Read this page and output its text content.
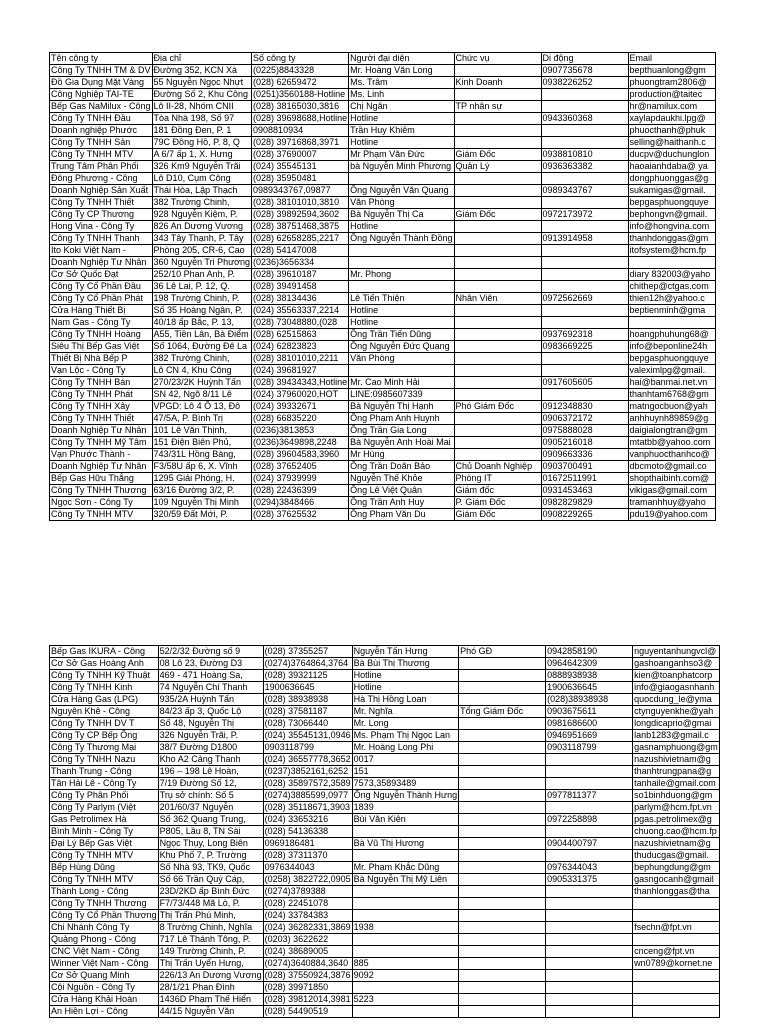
Tên công ty	Địa chỉ	Số công ty	Người đại diện	Chức vụ	Di động	Email
Công Ty TNHH TM & DV	Đường 352, KCN Xà	(0225)8843328	Mr. Hoàng Văn Long		0907735678	bepthuanlong@gm
Đồ Gia Dụng Mặt Vàng	55 Nguyễn Ngọc Nhựt	(028) 62659472	Ms. Trâm	Kinh Doanh	0938226252	phuongtram2806@
Công Nghiệp TAI-TE	Đường Số 2, Khu Công	(0251)3560188-Hotline	Ms. Linh			production@taitec
Bếp Gas NaMilux - Công	Lô II-28, Nhóm CNII	(028) 38165030,3816	Chị Ngân	TP nhân sự		hr@namilux.com
Công Ty TNHH Đầu	Tòa Nhà 198, Số 97	(028) 39698688,Hotline	Hotline		0943360368	xaylapdaukhi.lpg@
Doanh nghiệp Phước	181 Đồng Đen, P. 1	0908810934	Trần Huy Khiêm			phuocthanh@phuk
Công Ty TNHH Sản	79C Đồng Hồ, P. 8, Q	(028) 39716868,3971	Hotline			selling@haithanh.c
Công Ty TNHH MTV	A 6/7 ấp 1, X. Hưng	(028) 37690007	Mr Phạm Văn Đức	Giám Đốc	0938810810	ducpv@duchunglon
Trung Tâm Phân Phối	326 Km9 Nguyễn Trãi	(024) 35545131	bà Nguyễn Minh Phương	Quản Lý	0936363382	haoaianhdaba@ ya
Đông Phương - Công	Lô D10, Cụm Công	(028) 35950481				dongphuonggas@g
Doanh Nghiệp Sản Xuất	Thái Hòa, Lập Thạch	0989343767,09877	Ông Nguyễn Văn Quang		0989343767	sukamigas@gmail.
Công Ty TNHH Thiết	382 Trường Chinh,	(028) 38101010,3810	Văn Phòng			bepgasphuongquye
Công Ty CP Thương	928 Nguyễn Kiệm, P.	(028) 39892594,3602	Bà Nguyễn Thị Ca	Giám Đốc	0972173972	bephongvn@gmail.
Hong Vina - Công Ty	826 An Dương Vương	(028) 38751468,3875	Hotline			info@hongvina.com
Công Ty TNHH Thanh	343 Tây Thạnh, P. Tây	(028) 62658285,2217	Ông Nguyễn Thành Đồng		0913914958	thanhdonggas@gm
Ito Koki Việt Nam -	Phòng 205, CR-6, Cao	(028) 54147008				itofsystem@hcm.fp
Doanh Nghiệp Tư Nhân	360 Nguyễn Tri Phương	(0236)3656334				
Cơ Sở Quốc Đạt	252/10 Phan Anh, P.	(028) 39610187	Mr. Phong			diary 832003@yaho
Công Ty Cổ Phần Đầu	36 Lê Lai, P. 12, Q.	(028) 39491458				chithep@ctgas.com
Công Ty Cổ Phần Phát	198 Trường Chinh, P.	(028) 38134436	Lê Tiến Thiện	Nhân Viên	0972562669	thien12h@yahoo.c
Cửa Hàng Thiết Bị	Số 35 Hoàng Ngân, P.	(024) 35563337,2214	Hotline			beptienminh@gma
Nam Gas - Công Ty	40/18 ấp Bắc, P. 13,	(028) 73048880,(028	Hotline			
Công Ty TNHH Hoàng	A55, Tiền Lân, Bà Điểm	(028) 62515863	Ông Trần Tiến Dũng		0937692318	hoangphuhung68@
Siêu Thị Bếp Gas Việt	Số 1064, Đường Đê La	(024) 62823823	Ông Nguyễn Đức Quang		0983669225	info@beponline24h
Thiết Bị Nhà Bếp P	382 Trường Chinh,	(028) 38101010,2211	Văn Phòng			bepgasphuongquye
Vạn Lộc - Công Ty	Lô CN 4, Khu Công	(024) 39681927				valeximlpg@gmail.
Công Ty TNHH Bán	270/23/2K Huỳnh Tấn	(028) 39434343,Hotline	Mr. Cao Minh Hải		0917605605	hai@banmai.net.vn
Công Ty TNHH Phát	SN 42, Ngõ 8/11 Lê	(024) 37960020,HOT	LINE:0985607339			thanhtam6768@gm
Công Ty TNHH Xây	VPGD: Lô 4 Ô 13, Đô	(024) 39332671	Bà Nguyễn Thị Hạnh	Phó Giám Đốc	0912348830	matngocbuon@yah
Công Ty TNHH Thiết	47/5A, P. Bình Trị	(028) 66835220	Ông Phạm Anh Huynh		0906372172	anhhuynh89859@g
Doanh Nghiệp Tư Nhân	101 Lê Văn Thịnh,	(0236)3813853	Ông Trần Gia Long		0975888028	daigialongtran@gm
Công Ty TNHH Mỹ Tâm	151 Điện Biên Phủ,	(0236)3649898,2248	Bà Nguyễn Anh Hoài Mai		0905216018	mtatbb@yahoo.com
Vạn Phước Thành -	743/31L Hồng Bàng,	(028) 39604583,3960	Mr Hùng		0909663336	vanphuocthanhco@
Doanh Nghiệp Tư Nhân	F3/58U ấp 6, X. Vĩnh	(028) 37652405	Ông Trần Doãn Bảo	Chủ Doanh Nghiệp	0903700491	dbcmoto@gmail.co
Bếp Gas Hữu Thắng	1295 Giải Phóng, H.	(024) 37939999	Nguyễn Thế Khỏe	Phòng IT	01672511991	shopthaibinh.com@
Công Ty TNHH Thương	63/16 Đường 3/2, P.	(028) 22436399	Ông Lê Việt Quân	Giám đốc	0931453463	vikigas@gmail.com
Ngọc Sơn - Công Ty	109 Nguyễn Thị Minh	(0294)3848466	Ông Trần Anh Huy	P. Giám Đốc	0982829829	tramanhhuy@yaho
Công Ty TNHH MTV	320/59 Đất Mới, P.	(028) 37625532	Ông Phạm Văn Du	Giám Đốc	0908229265	pdu19@yahoo.com
Bếp Gas IKURA - Công	52/2/32 Đường số 9	(028) 37355257	Nguyễn Tấn Hưng	Phó GĐ	0942858190	nguyentanhungvcl@
Cơ Sở Gas Hoàng Anh	08 Lô 23, Đường D3	(0274)3764864,3764	Bà Bùi Thị Thương		0964642309	gashoanganhso3@
Công Ty TNHH Kỹ Thuật	469 - 471 Hoàng Sa,	(028) 39321125	Hotline		0888938938	kien@toanphatcorp
Công Ty TNHH Kinh	74 Nguyễn Chí Thanh	1900636645	Hotline		1900636645	info@giaogasnhanh
Cửa Hàng Gas (LPG)	935/2A Huỳnh Tấn	(028) 38938938	Hà Thị Hồng Loan		(028)38938938	quocdung_le@yma
Nguyên Khê - Công	84/23 ấp 3, Quốc Lộ	(028) 37581187	Mr. Nghĩa	Tổng Giám Đốc	0903675611	ctynguyenkhe@yah
Công Ty TNHH DV T	Số 48, Nguyễn Thị	(028) 73066440	Mr. Long		0981686600	longdicaprio@gmai
Công Ty CP Bếp Ông	326 Nguyễn Trãi, P.	(024) 35545131,0946	Ms. Phạm Thị Ngọc Lan		0946951669	lanb1283@gmail.c
Công Ty Thương Mại	38/7 Đường D1800	0903118799	Mr. Hoàng Long Phi		0903118799	gasnamphuong@gm
Công Ty TNHH Nazu	Kho A2 Cảng Thanh	(024) 36557778,3652	0017			nazushivietnam@g
Thanh Trung - Công	196 – 198 Lê Hoàn,	(0237)3852161,6252	151			thanhtrungpana@g
Tân Hải Lê - Công Ty	7/19 Đường Số 12,	(028) 35897572,3589	7573,35893489			tanhaile@gmail.com
Công Ty Phân Phối	Trụ sở chính: Số 5	(0274)3885599,0977	Ông Nguyễn Thành Hưng		0977811377	so1binhduong@gm
Công Ty Parlym (Việt	201/60/37 Nguyễn	(028) 35118671,3903	1839			parlym@hcm.fpt.vn
Gas Petrolimex Hà	Số 362 Quang Trung,	(024) 33653216	Bùi Văn Kiên		0972258898	pgas.petrolimex@g
Bình Minh - Công Ty	P805, Lầu 8, TN Sài	(028) 54136338				chuong.cao@hcm.fp
Đại Lý Bếp Gas Việt	Ngọc Thụy, Long Biên	0969186481	Bà Vũ Thị Hương		0904400797	nazushivietnam@g
Công Ty TNHH MTV	Khu Phố 7, P. Trường	(028) 37311370				thuducgas@gmail.
Bếp Hùng Dũng	Số Nhà 93, TK9, Quốc	0976344043	Mr. Phạm Khắc Dũng		0976344043	bephungdung@gm
Công Ty TNHH MTV	Số 66 Trần Quý Cáp,	(0258) 3822722,0905	Bà Nguyễn Thị Mỹ Liên		0905331375	gasngocanh@gmail
Thành Long - Công	23D/2KD ấp Bình Đức	(0274)3789388				thanhlonggas@tha
Công Ty TNHH Thương	F7/73/448 Mã Lò, P.	(028) 22451078				
Công Ty Cổ Phần Thương	Thị Trấn Phú Minh,	(024) 33784383				
Chi Nhánh Công Ty	8 Trường Chinh, Nghĩa	(024) 36282331,3869	1938			fsechn@fpt.vn
Quảng Phong - Công	717 Lê Thánh Tông, P.	(0203) 3622622				
CNC Việt Nam - Công	149 Trường Chinh, P.	(024) 38689005				cnceng@fpt.vn
Winner Việt Nam - Công	Thị Trấn Uyển Hưng,	(0274)3640884,3640	885			wn0789@kornet.ne
Cơ Sở Quang Minh	226/13 An Dương Vương	(028) 37550924,3876	9092			
Cội Nguồn - Công Ty	28/1/21 Phan Đình	(028) 39971850				
Cửa Hàng Khải Hoàn	1436D Phạm Thế Hiển	(028) 39812014,3981	5223			
An Hiền Lợi - Công	44/15 Nguyễn Văn	(028) 54490519				
